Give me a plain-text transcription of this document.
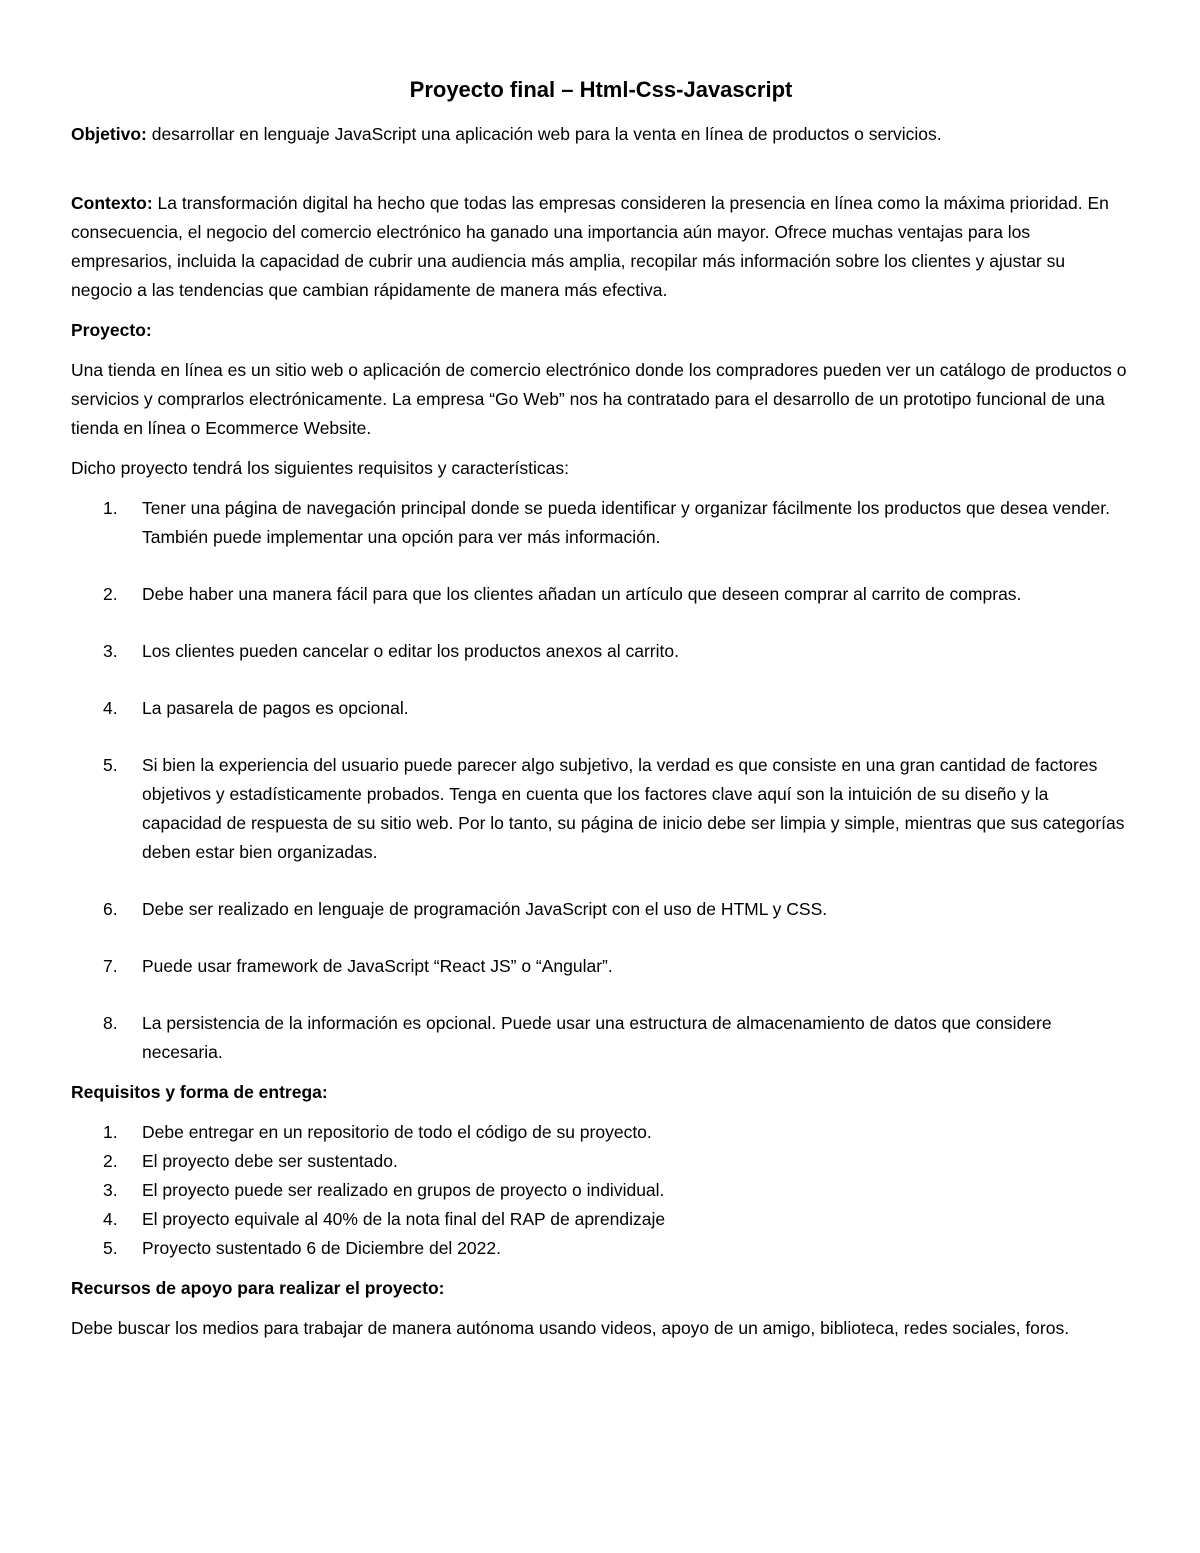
Proyecto final – Html-Css-Javascript

Objetivo: desarrollar en lenguaje JavaScript una aplicación web para la venta en línea de productos o servicios.

Contexto: La transformación digital ha hecho que todas las empresas consideren la presencia en línea como la máxima prioridad. En consecuencia, el negocio del comercio electrónico ha ganado una importancia aún mayor. Ofrece muchas ventajas para los empresarios, incluida la capacidad de cubrir una audiencia más amplia, recopilar más información sobre los clientes y ajustar su negocio a las tendencias que cambian rápidamente de manera más efectiva.

Proyecto:

Una tienda en línea es un sitio web o aplicación de comercio electrónico donde los compradores pueden ver un catálogo de productos o servicios y comprarlos electrónicamente. La empresa “Go Web” nos ha contratado para el desarrollo de un prototipo funcional de una tienda en línea o Ecommerce Website.

Dicho proyecto tendrá los siguientes requisitos y características:

1. Tener una página de navegación principal donde se pueda identificar y organizar fácilmente los productos que desea vender. También puede implementar una opción para ver más información.
2. Debe haber una manera fácil para que los clientes añadan un artículo que deseen comprar al carrito de compras.
3. Los clientes pueden cancelar o editar los productos anexos al carrito.
4. La pasarela de pagos es opcional.
5. Si bien la experiencia del usuario puede parecer algo subjetivo, la verdad es que consiste en una gran cantidad de factores objetivos y estadísticamente probados. Tenga en cuenta que los factores clave aquí son la intuición de su diseño y la capacidad de respuesta de su sitio web. Por lo tanto, su página de inicio debe ser limpia y simple, mientras que sus categorías deben estar bien organizadas.
6. Debe ser realizado en lenguaje de programación JavaScript con el uso de HTML y CSS.
7. Puede usar framework de JavaScript “React JS” o “Angular”.
8. La persistencia de la información es opcional. Puede usar una estructura de almacenamiento de datos que considere necesaria.

Requisitos y forma de entrega:

1. Debe entregar en un repositorio de todo el código de su proyecto.
2. El proyecto debe ser sustentado.
3. El proyecto puede ser realizado en grupos de proyecto o individual.
4. El proyecto equivale al 40% de la nota final del RAP de aprendizaje
5. Proyecto sustentado 6 de Diciembre del 2022.

Recursos de apoyo para realizar el proyecto:

Debe buscar los medios para trabajar de manera autónoma usando videos, apoyo de un amigo, biblioteca, redes sociales, foros.
